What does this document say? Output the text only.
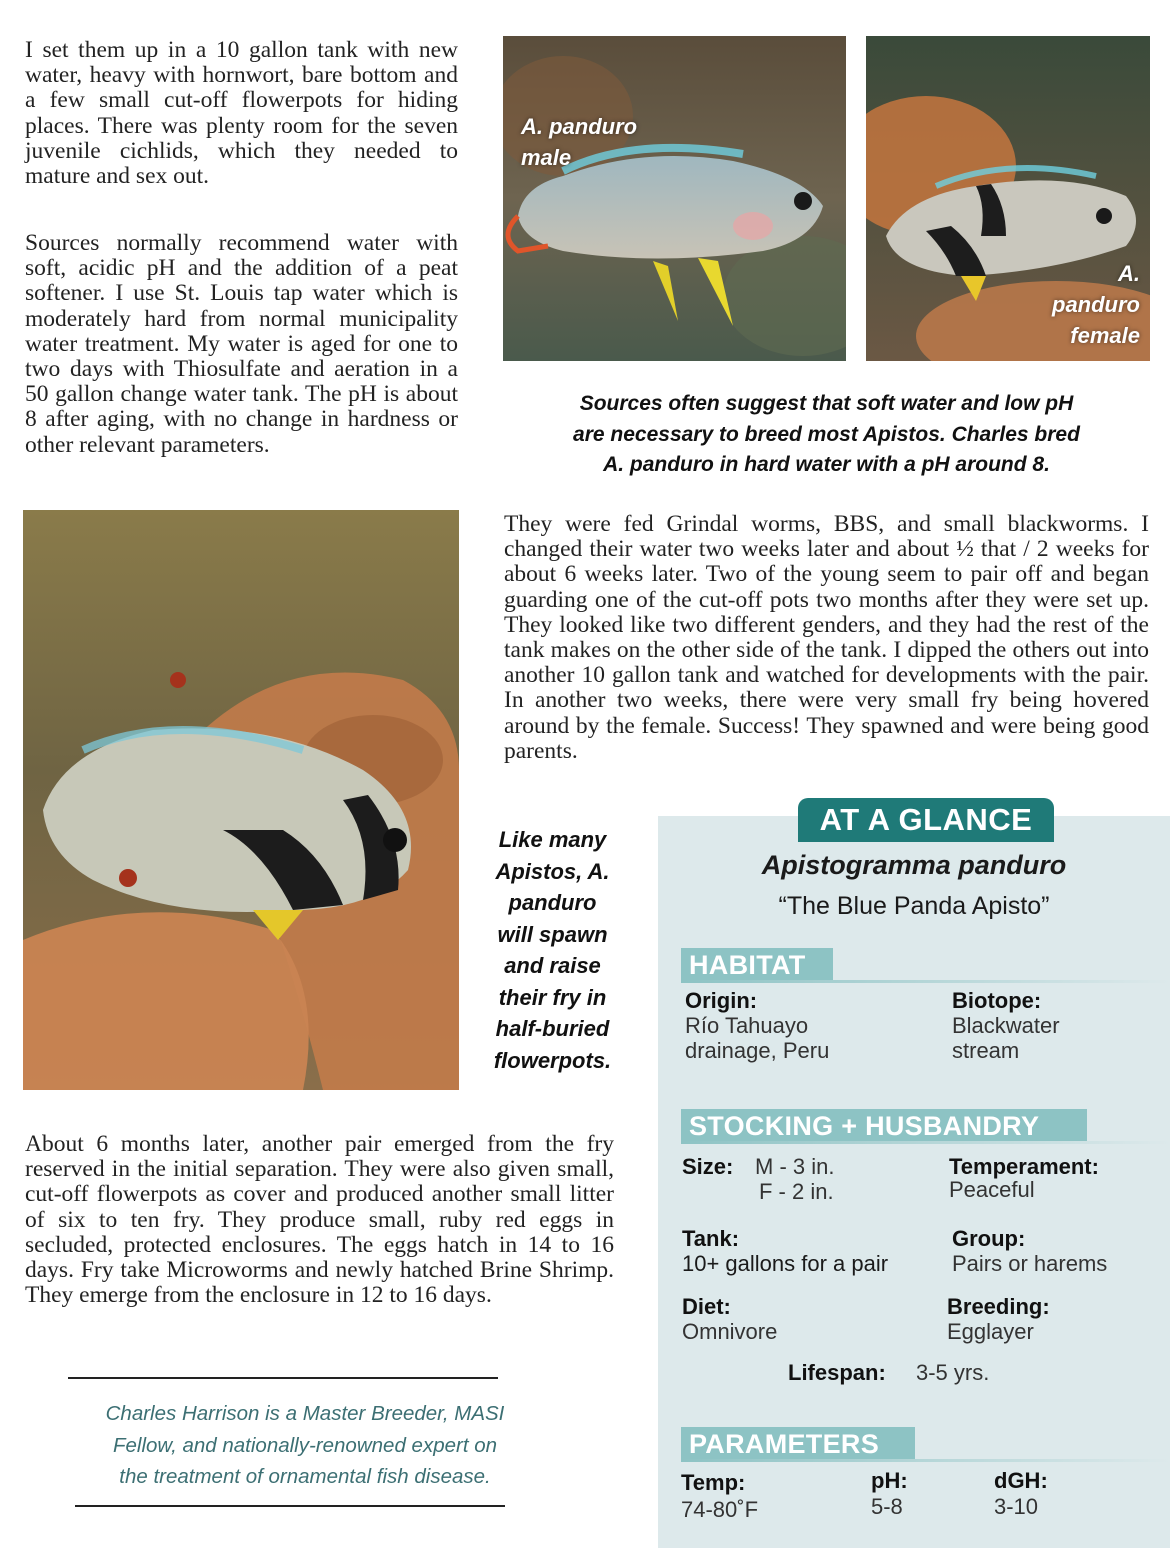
I set them up in a 10 gallon tank with new water, heavy with hornwort, bare bottom and a few small cut-off flowerpots for hiding places. There was plenty room for the seven juvenile cichlids, which they needed to mature and sex out.

Sources normally recommend water with soft, acidic pH and the addition of a peat softener. I use St. Louis tap water which is moderately hard from normal municipality water treatment. My water is aged for one to two days with Thiosulfate and aeration in a 50 gallon change water tank. The pH is about 8 after aging, with no change in hardness or other relevant parameters.

A. panduro
male
A.
panduro
female
Sources often suggest that soft water and low pH
are necessary to breed most Apistos. Charles bred
A. panduro in hard water with a pH around 8.
Like many
Apistos, A.
panduro
will spawn
and raise
their fry in
half-buried
flowerpots.

They were fed Grindal worms, BBS, and small blackworms. I changed their water two weeks later and about ½ that / 2 weeks for about 6 weeks later. Two of the young seem to pair off and began guarding one of the cut-off pots two months after they were set up. They looked like two different genders, and they had the rest of the tank makes on the other side of the tank. I dipped the others out into another 10 gallon tank and watched for developments with the pair. In another two weeks, there were very small fry being hovered around by the female. Success! They spawned and were being good parents.

About 6 months later, another pair emerged from the fry reserved in the initial separation. They were also given small, cut-off flowerpots as cover and produced another small litter of six to ten fry. They produce small, ruby red eggs in secluded, protected enclosures. The eggs hatch in 14 to 16 days. Fry take Microworms and newly hatched Brine Shrimp. They emerge from the enclosure in 12 to 16 days.

Charles Harrison is a Master Breeder, MASI
Fellow, and nationally-renowned expert on
the treatment of ornamental fish disease.
AT A GLANCE
Apistogramma panduro
“The Blue Panda Apisto”
HABITAT
Origin:
Río Tahuayo
drainage, Peru
Biotope:
Blackwater
stream
STOCKING + HUSBANDRY
Size: M - 3 in.
F - 2 in.
Temperament:
Peaceful
Tank:
10+ gallons for a pair
Group:
Pairs or harems
Diet:
Omnivore
Breeding:
Egglayer
Lifespan: 3-5 yrs.
PARAMETERS
Temp:
74-80˚F
pH:
5-8
dGH:
3-10
